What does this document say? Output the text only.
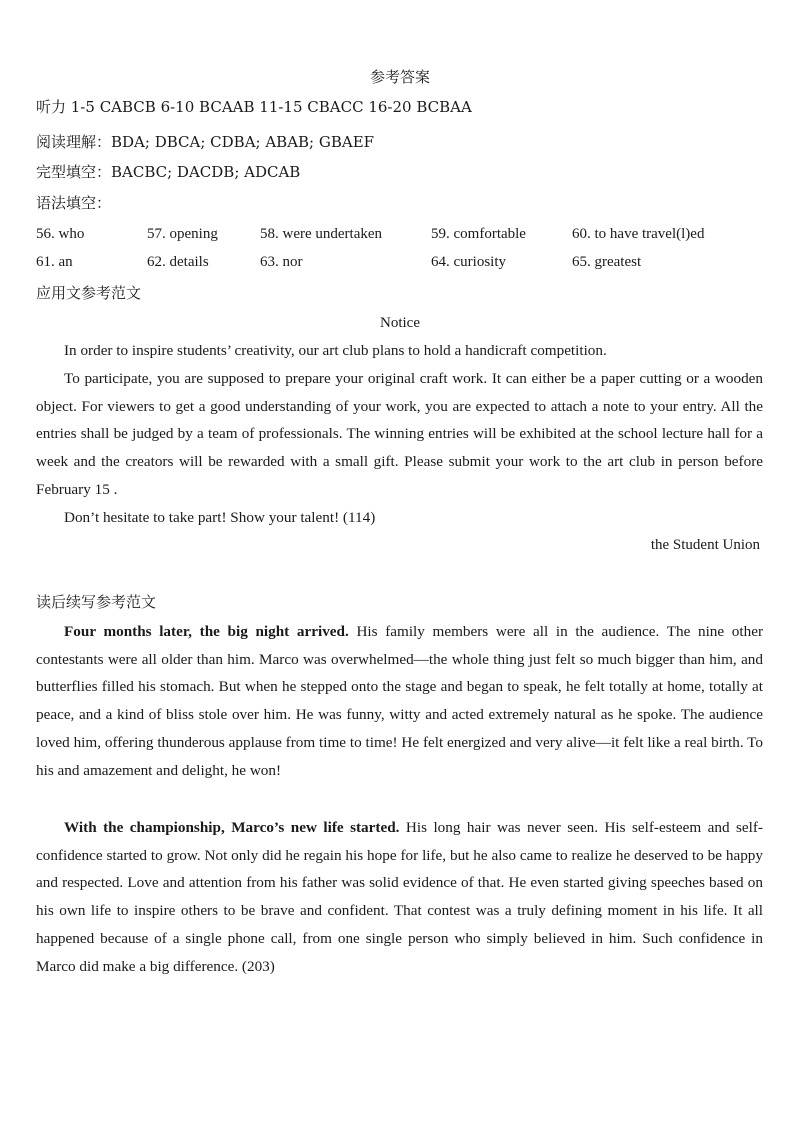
参考答案
听力 1-5 CABCB 6-10 BCAAB 11-15 CBACC 16-20 BCBAA
阅读理解：BDA; DBCA; CDBA; ABAB; GBAEF
完型填空：BACBC; DACDB; ADCAB
语法填空：
56. who	57. opening	58. were undertaken	59. comfortable	60. to have travel(l)ed
61. an	62. details	63. nor	64. curiosity	65. greatest
应用文参考范文
Notice
In order to inspire students’ creativity, our art club plans to hold a handicraft competition.
To participate, you are supposed to prepare your original craft work. It can either be a paper cutting or a wooden object. For viewers to get a good understanding of your work, you are expected to attach a note to your entry. All the entries shall be judged by a team of professionals. The winning entries will be exhibited at the school lecture hall for a week and the creators will be rewarded with a small gift. Please submit your work to the art club in person before February 15 .
Don’t hesitate to take part! Show your talent! (114)
the Student Union
读后续写参考范文
Four months later, the big night arrived. His family members were all in the audience. The nine other contestants were all older than him. Marco was overwhelmed—the whole thing just felt so much bigger than him, and butterflies filled his stomach. But when he stepped onto the stage and began to speak, he felt totally at home, totally at peace, and a kind of bliss stole over him. He was funny, witty and acted extremely natural as he spoke. The audience loved him, offering thunderous applause from time to time! He felt energized and very alive—it felt like a real birth. To his and amazement and delight, he won!
With the championship, Marco’s new life started. His long hair was never seen. His self-esteem and self-confidence started to grow. Not only did he regain his hope for life, but he also came to realize he deserved to be happy and respected. Love and attention from his father was solid evidence of that. He even started giving speeches based on his own life to inspire others to be brave and confident. That contest was a truly defining moment in his life. It all happened because of a single phone call, from one single person who simply believed in him. Such confidence in Marco did make a big difference. (203)
